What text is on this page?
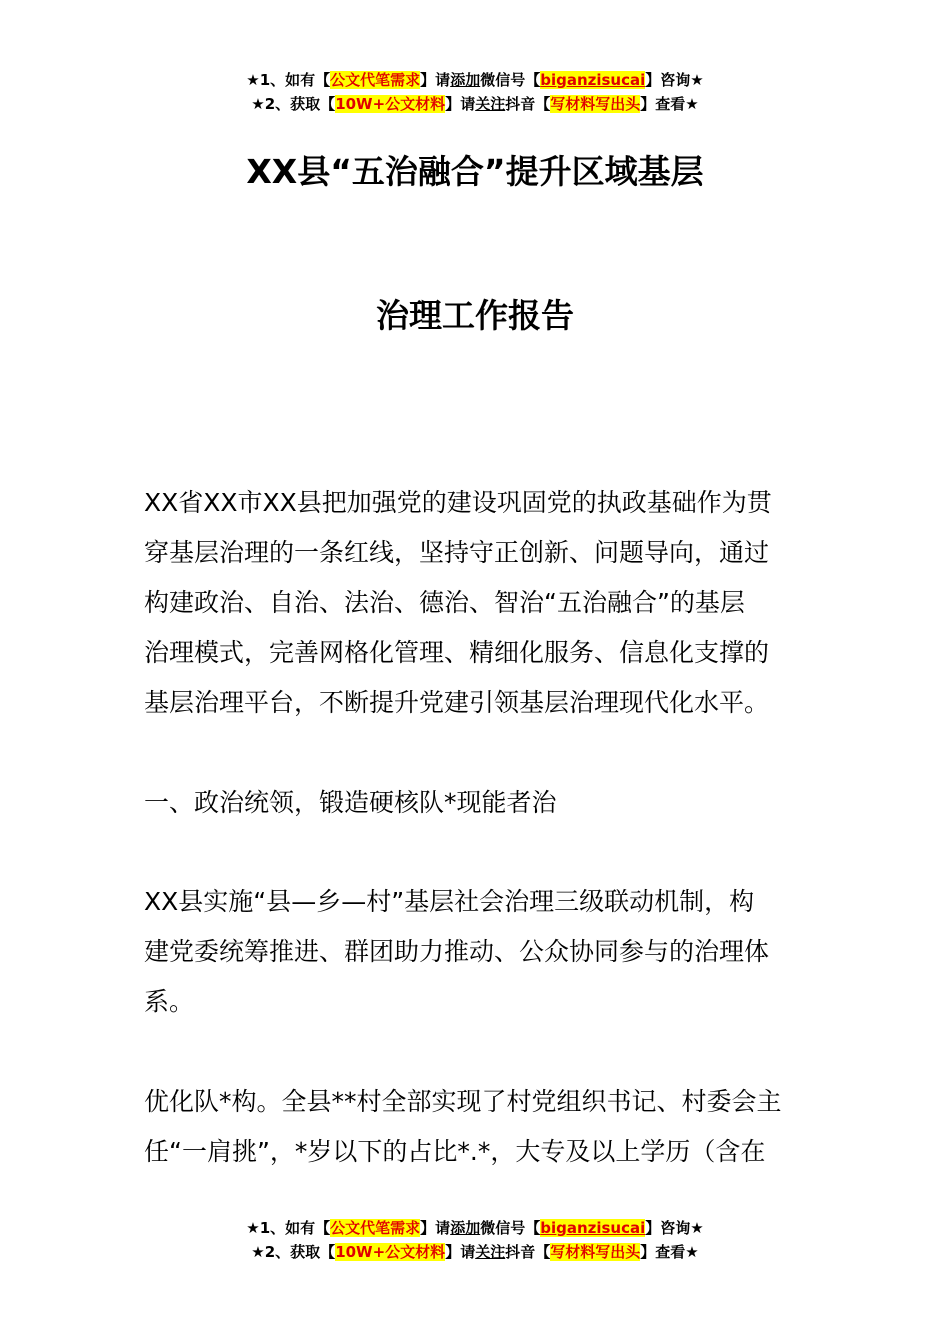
★1、如有【公文代笔需求】请添加微信号【biganzisucai】咨询★
★2、获取【10W+公文材料】请关注抖音【写材料写出头】查看★
XX县“五治融合”提升区域基层
治理工作报告
XX省XX市XX县把加强党的建设巩固党的执政基础作为贯
穿基层治理的一条红线，坚持守正创新、问题导向，通过
构建政治、自治、法治、德治、智治“五治融合”的基层
治理模式，完善网格化管理、精细化服务、信息化支撑的
基层治理平台，不断提升党建引领基层治理现代化水平。
一、政治统领，锻造硬核队*现能者治
XX县实施“县—乡—村”基层社会治理三级联动机制，构
建党委统筹推进、群团助力推动、公众协同参与的治理体
系。
优化队*构。全县**村全部实现了村党组织书记、村委会主
任“一肩挑”，*岁以下的占比*.*，大专及以上学历（含在
★1、如有【公文代笔需求】请添加微信号【biganzisucai】咨询★
★2、获取【10W+公文材料】请关注抖音【写材料写出头】查看★
